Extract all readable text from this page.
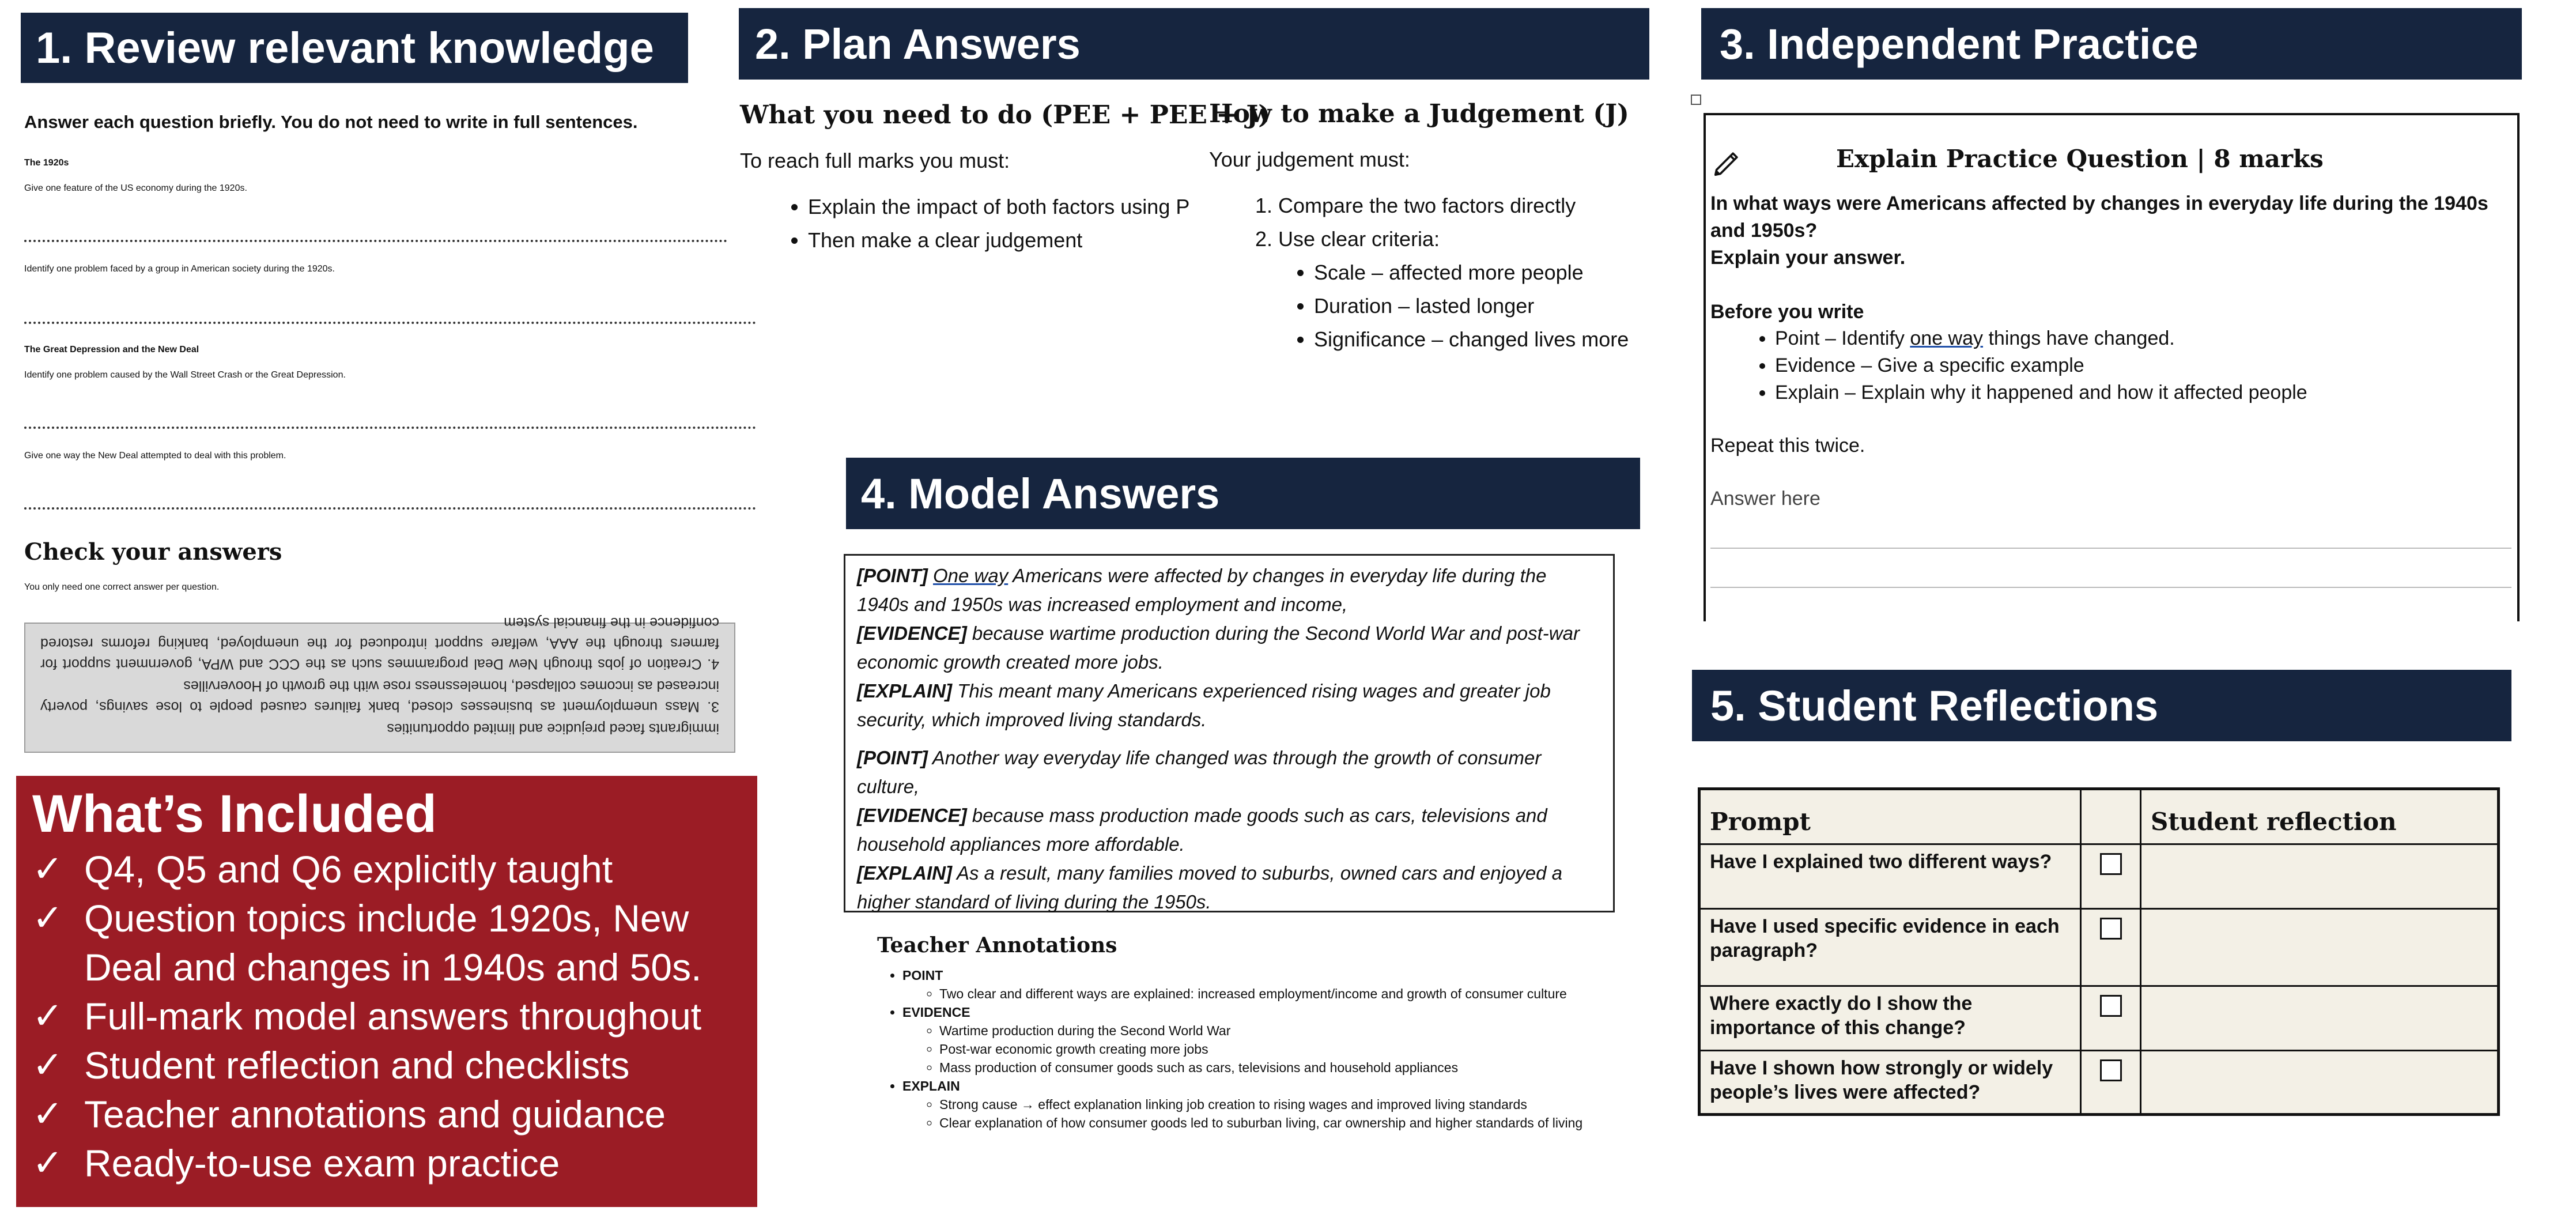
1. Review relevant knowledge
Answer each question briefly. You do not need to write in full sentences.
The 1920s
Give one feature of the US economy during the 1920s.
Identify one problem faced by a group in American society during the 1920s.
The Great Depression and the New Deal
Identify one problem caused by the Wall Street Crash or the Great Depression.
Give one way the New Deal attempted to deal with this problem.
Check your answers
You only need one correct answer per question.

immigrants faced prejudice and limited opportunities

3. Mass unemployment as businesses closed, bank failures caused people to lose savings, poverty increased as incomes collapsed, homelessness rose with the growth of Hoovervilles

4. Creation of jobs through New Deal programmes such as the CCC and WPA, government support for farmers through the AAA, welfare support introduced for the unemployed, banking reforms restored confidence in the financial system

What’s Included
✓ Q4, Q5 and Q6 explicitly taught
✓ Question topics include 1920s, New Deal and changes in 1940s and 50s.
✓ Full-mark model answers throughout
✓ Student reflection and checklists
✓ Teacher annotations and guidance
✓ Ready-to-use exam practice
2. Plan Answers
What you need to do (PEE + PEE + J)
To reach full marks you must:
• Explain the impact of both factors using P
• Then make a clear judgement
How to make a Judgement (J)
Your judgement must:
1. Compare the two factors directly
2. Use clear criteria:
• Scale – affected more people
• Duration – lasted longer
• Significance – changed lives more
4. Model Answers

[POINT] One way Americans were affected by changes in everyday life during the 1940s and 1950s was increased employment and income,
[EVIDENCE] because wartime production during the Second World War and post-war economic growth created more jobs.
[EXPLAIN] This meant many Americans experienced rising wages and greater job security, which improved living standards.

[POINT] Another way everyday life changed was through the growth of consumer culture,
[EVIDENCE] because mass production made goods such as cars, televisions and household appliances more affordable.
[EXPLAIN] As a result, many families moved to suburbs, owned cars and enjoyed a higher standard of living during the 1950s.

Teacher Annotations
• POINT
◦ Two clear and different ways are explained: increased employment/income and growth of consumer culture
• EVIDENCE
◦ Wartime production during the Second World War
◦ Post-war economic growth creating more jobs
◦ Mass production of consumer goods such as cars, televisions and household appliances
• EXPLAIN
◦ Strong cause → effect explanation linking job creation to rising wages and improved living standards
◦ Clear explanation of how consumer goods led to suburban living, car ownership and higher standards of living
3. Independent Practice
Explain Practice Question | 8 marks
In what ways were Americans affected by changes in everyday life during the 1940s and 1950s?
Explain your answer.
Before you write
• Point – Identify one way things have changed.
• Evidence – Give a specific example
• Explain – Explain why it happened and how it affected people
Repeat this twice.
Answer here
5. Student Reflections
Prompt		Student reflection
Have I explained two different ways?		
Have I used specific evidence in each paragraph?		
Where exactly do I show the importance of this change?		
Have I shown how strongly or widely people’s lives were affected?		
